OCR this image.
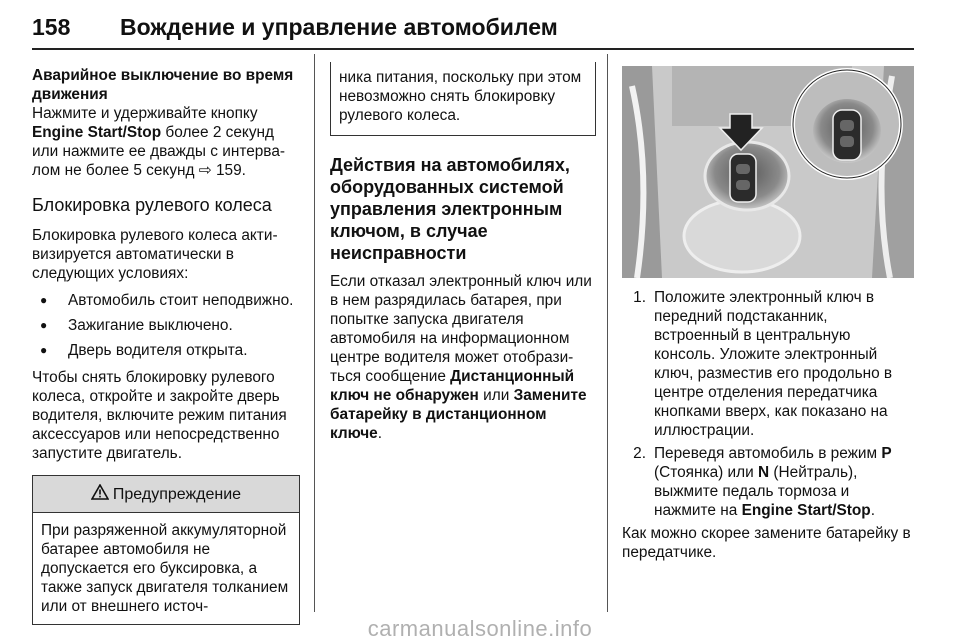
158 Вождение и управление автомобилем

Аварийное выключение во время движения

Нажмите и удерживайте кнопку Engine Start/Stop более 2 секунд или нажмите ее дважды с интервалом не более 5 секунд ⇨ 159.

Блокировка рулевого колеса

Блокировка рулевого колеса активизируется автоматически в следующих условиях:

●	Автомобиль стоит неподвижно.
●	Зажигание выключено.
●	Дверь водителя открыта.

Чтобы снять блокировку рулевого колеса, откройте и закройте дверь водителя, включите режим питания аксессуаров или непосредственно запустите двигатель.

Предупреждение
При разряженной аккумуляторной батарее автомобиля не допускается его буксировка, а также запуск двигателя толканием или от внешнего источ-
ника питания, поскольку при этом невозможно снять блокировку рулевого колеса.

Действия на автомобилях, оборудованных системой управления электронным ключом, в случае неисправности

Если отказал электронный ключ или в нем разрядилась батарея, при попытке запуска двигателя автомобиля на информационном центре водителя может отобразиться сообщение Дистанционный ключ не обнаружен или Замените батарейку в дистанционном ключе.

1. Положите электронный ключ в передний подстаканник, встроенный в центральную консоль. Уложите электронный ключ, разместив его продольно в центре отделения передатчика кнопками вверх, как показано на иллюстрации.
2. Переведя автомобиль в режим P (Стоянка) или N (Нейтраль), выжмите педаль тормоза и нажмите на Engine Start/Stop.

Как можно скорее замените батарейку в передатчике.

carmanualsonline.info
